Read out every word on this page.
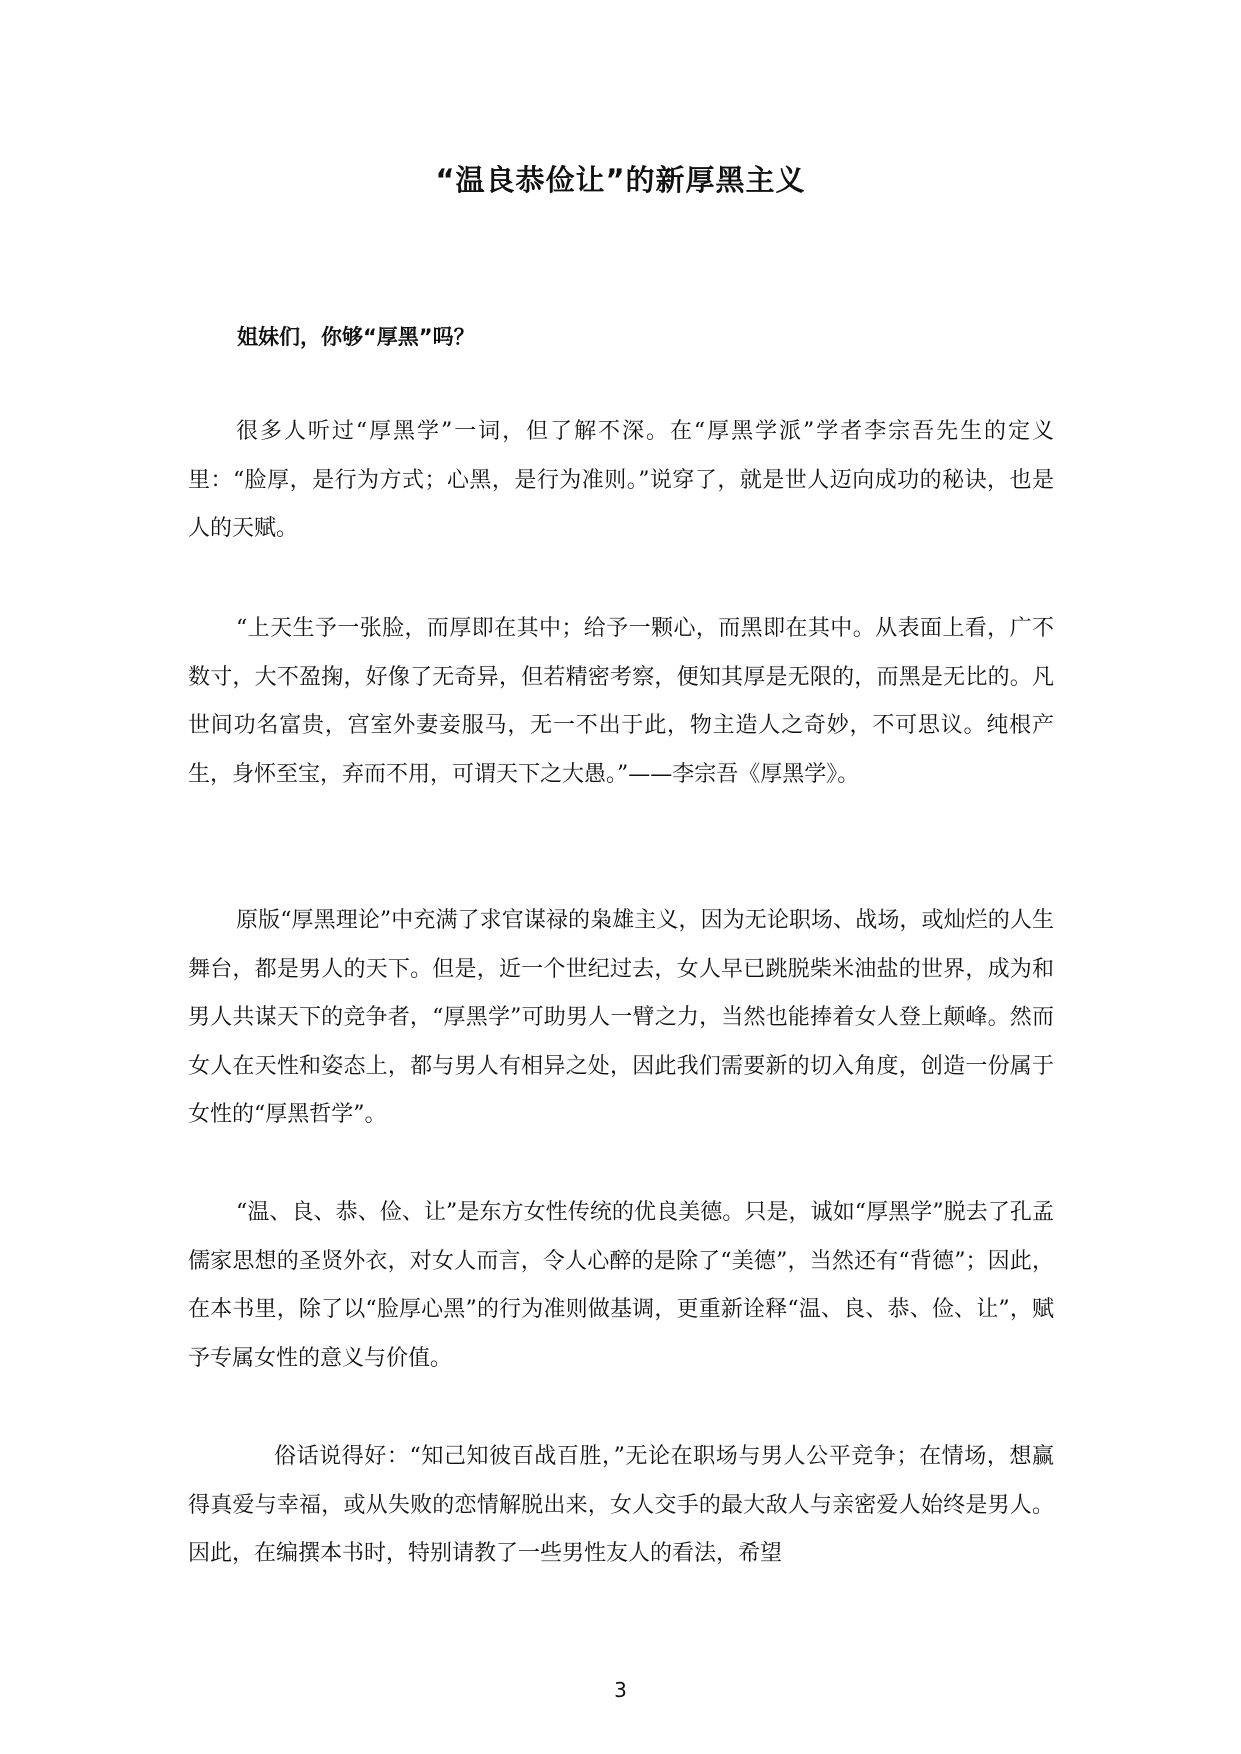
“温良恭俭让”的新厚黑主义
姐妹们，你够“厚黑”吗？

很多人听过“厚黑学”一词，但了解不深。在“厚黑学派”学者李宗吾先生的定义里：“脸厚，是行为方式；心黑，是行为准则。”说穿了，就是世人迈向成功的秘诀，也是人的天赋。

“上天生予一张脸，而厚即在其中；给予一颗心，而黑即在其中。从表面上看，广不数寸，大不盈掬，好像了无奇异，但若精密考察，便知其厚是无限的，而黑是无比的。凡世间功名富贵，宫室外妻妾服马，无一不出于此，物主造人之奇妙，不可思议。纯根产生，身怀至宝，弃而不用，可谓天下之大愚。”——李宗吾《厚黑学》。

原版“厚黑理论”中充满了求官谋禄的枭雄主义，因为无论职场、战场，或灿烂的人生舞台，都是男人的天下。但是，近一个世纪过去，女人早已跳脱柴米油盐的世界，成为和男人共谋天下的竞争者，“厚黑学”可助男人一臂之力，当然也能捧着女人登上颠峰。然而女人在天性和姿态上，都与男人有相异之处，因此我们需要新的切入角度，创造一份属于女性的“厚黑哲学”。

“温、良、恭、俭、让”是东方女性传统的优良美德。只是，诚如“厚黑学”脱去了孔孟儒家思想的圣贤外衣，对女人而言，令人心醉的是除了“美德”，当然还有“背德”；因此，在本书里，除了以“脸厚心黑”的行为准则做基调，更重新诠释“温、良、恭、俭、让”，赋予专属女性的意义与价值。

俗话说得好：“知己知彼百战百胜，”无论在职场与男人公平竞争；在情场，想赢得真爱与幸福，或从失败的恋情解脱出来，女人交手的最大敌人与亲密爱人始终是男人。因此，在编撰本书时，特别请教了一些男性友人的看法，希望

3
